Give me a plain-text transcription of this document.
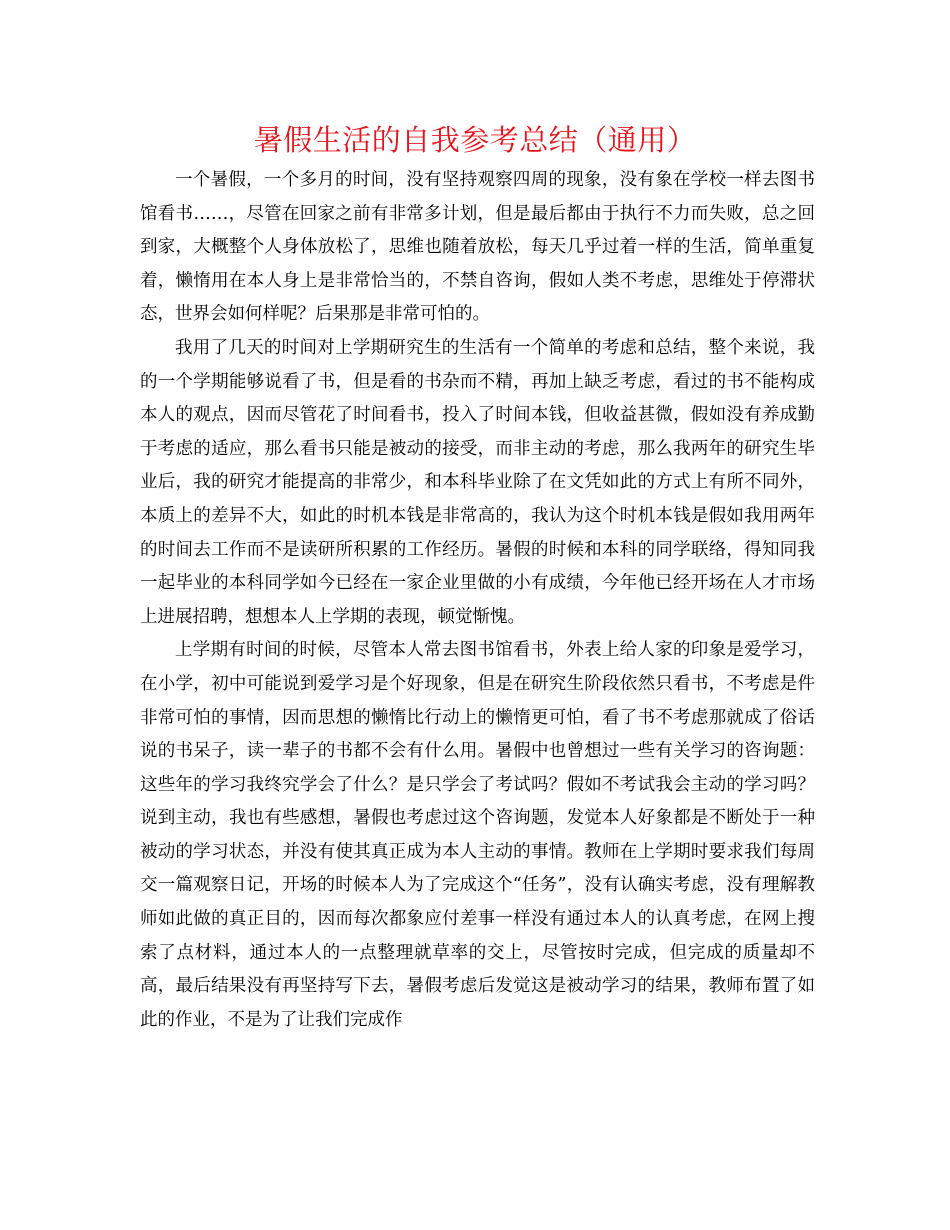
暑假生活的自我参考总结（通用）

一个暑假，一个多月的时间，没有坚持观察四周的现象，没有象在学校一样去图书馆看书……，尽管在回家之前有非常多计划，但是最后都由于执行不力而失败，总之回到家，大概整个人身体放松了，思维也随着放松，每天几乎过着一样的生活，简单重复着，懒惰用在本人身上是非常恰当的，不禁自咨询，假如人类不考虑，思维处于停滞状态，世界会如何样呢？后果那是非常可怕的。

我用了几天的时间对上学期研究生的生活有一个简单的考虑和总结，整个来说，我的一个学期能够说看了书，但是看的书杂而不精，再加上缺乏考虑，看过的书不能构成本人的观点，因而尽管花了时间看书，投入了时间本钱，但收益甚微，假如没有养成勤于考虑的适应，那么看书只能是被动的接受，而非主动的考虑，那么我两年的研究生毕业后，我的研究才能提高的非常少，和本科毕业除了在文凭如此的方式上有所不同外，本质上的差异不大，如此的时机本钱是非常高的，我认为这个时机本钱是假如我用两年的时间去工作而不是读研所积累的工作经历。暑假的时候和本科的同学联络，得知同我一起毕业的本科同学如今已经在一家企业里做的小有成绩，今年他已经开场在人才市场上进展招聘，想想本人上学期的表现，顿觉惭愧。

上学期有时间的时候，尽管本人常去图书馆看书，外表上给人家的印象是爱学习，在小学，初中可能说到爱学习是个好现象，但是在研究生阶段依然只看书，不考虑是件非常可怕的事情，因而思想的懒惰比行动上的懒惰更可怕，看了书不考虑那就成了俗话说的书呆子，读一辈子的书都不会有什么用。暑假中也曾想过一些有关学习的咨询题：这些年的学习我终究学会了什么？是只学会了考试吗？假如不考试我会主动的学习吗？说到主动，我也有些感想，暑假也考虑过这个咨询题，发觉本人好象都是不断处于一种被动的学习状态，并没有使其真正成为本人主动的事情。教师在上学期时要求我们每周交一篇观察日记，开场的时候本人为了完成这个“任务”，没有认确实考虑，没有理解教师如此做的真正目的，因而每次都象应付差事一样没有通过本人的认真考虑，在网上搜索了点材料，通过本人的一点整理就草率的交上，尽管按时完成，但完成的质量却不高，最后结果没有再坚持写下去，暑假考虑后发觉这是被动学习的结果，教师布置了如此的作业，不是为了让我们完成作
